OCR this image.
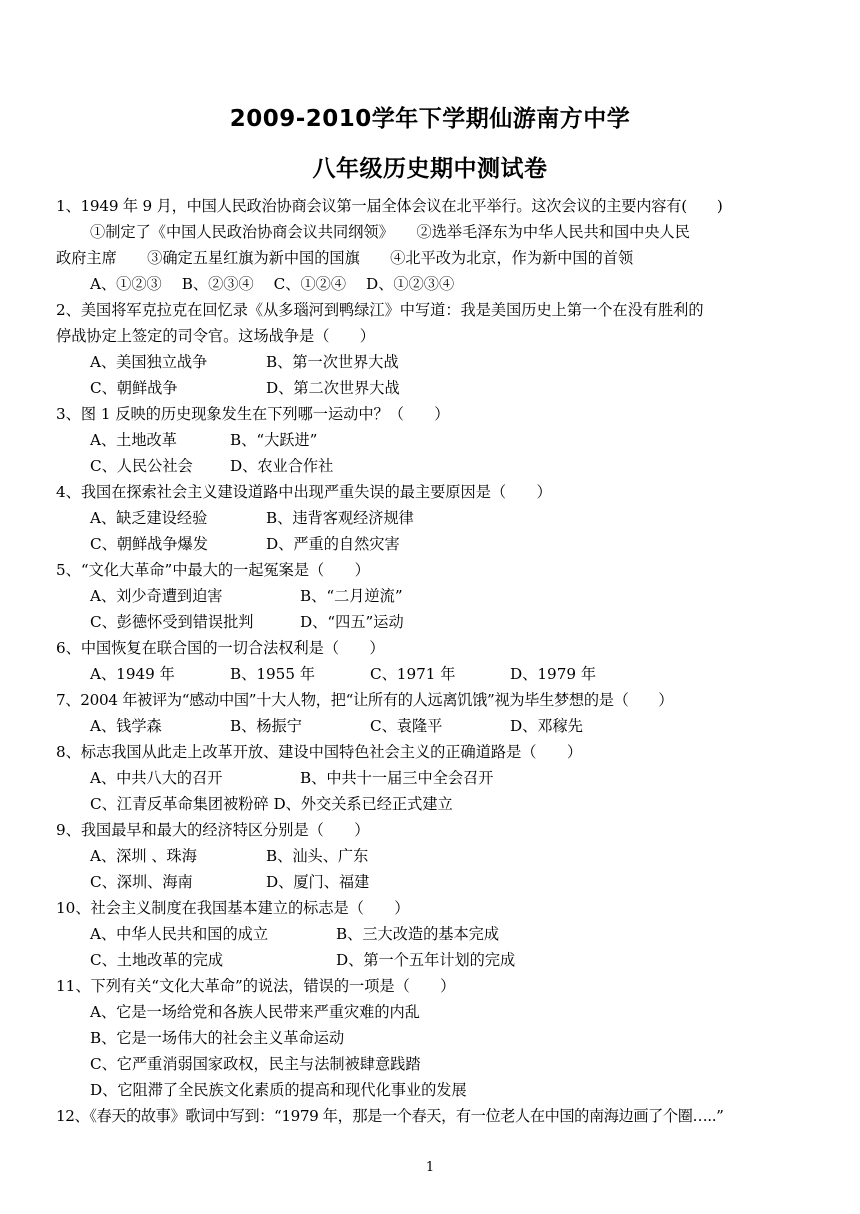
2009-2010学年下学期仙游南方中学
八年级历史期中测试卷
1、1949 年 9 月，中国人民政治协商会议第一届全体会议在北平举行。这次会议的主要内容有(　　)
①制定了《中国人民政治协商会议共同纲领》　　②选举毛泽东为中华人民共和国中央人民
政府主席　　③确定五星红旗为新中国的国旗　　④北平改为北京，作为新中国的首领
A、①②③　 B、②③④　 C、①②④　 D、①②③④
2、美国将军克拉克在回忆录《从多瑙河到鸭绿江》中写道：我是美国历史上第一个在没有胜利的
停战协定上签定的司令官。这场战争是（　　）
A、美国独立战争	B、第一次世界大战
C、朝鲜战争	D、第二次世界大战
3、图 1 反映的历史现象发生在下列哪一运动中？（　　）
A、土地改革	B、“大跃进”
C、人民公社会 D、农业合作社
4、我国在探索社会主义建设道路中出现严重失误的最主要原因是（　　）
A、缺乏建设经验	B、违背客观经济规律
C、朝鲜战争爆发	D、严重的自然灾害
5、“文化大革命”中最大的一起冤案是（　　）
A、刘少奇遭到迫害	B、“二月逆流”
C、彭德怀受到错误批判	D、“四五”运动
6、中国恢复在联合国的一切合法权利是（　　）
A、1949 年	B、1955 年	C、1971 年	D、1979 年
7、2004 年被评为“感动中国”十大人物，把“让所有的人远离饥饿”视为毕生梦想的是（　　）
A、钱学森	B、杨振宁	C、袁隆平	D、邓稼先
8、标志我国从此走上改革开放、建设中国特色社会主义的正确道路是（　　）
A、中共八大的召开	B、中共十一届三中全会召开
C、江青反革命集团被粉碎 D、外交关系已经正式建立
9、我国最早和最大的经济特区分别是（　　）
A、深圳 、珠海	B、汕头、广东
C、深圳、海南	D、厦门、福建
10、社会主义制度在我国基本建立的标志是（　　）
A、中华人民共和国的成立	B、三大改造的基本完成
C、土地改革的完成	D、第一个五年计划的完成
11、下列有关“文化大革命”的说法，错误的一项是（　　）
A、它是一场给党和各族人民带来严重灾难的内乱
B、它是一场伟大的社会主义革命运动
C、它严重消弱国家政权，民主与法制被肆意践踏
D、它阻滞了全民族文化素质的提高和现代化事业的发展
12、《春天的故事》歌词中写到：“1979 年，那是一个春天，有一位老人在中国的南海边画了个圈…..”
1
